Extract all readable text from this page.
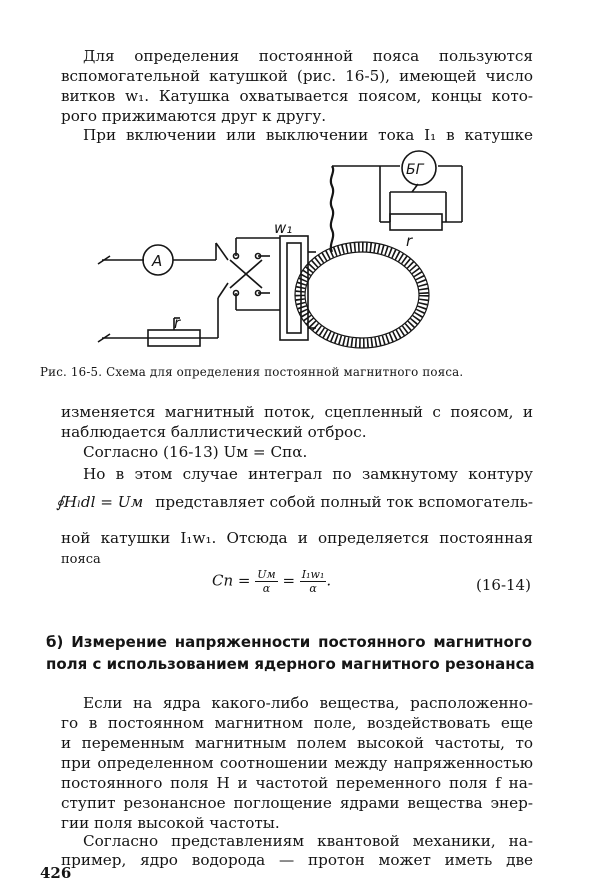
Для определения постоянной пояса пользуются
вспомогательной катушкой (рис. 16-5), имеющей число
витков w₁. Катушка охватывается поясом, концы кото-
рого прижимаются друг к другу.
При включении или выключении тока I₁ в катушке
A
r
w₁
БГ
r
Рис. 16-5. Схема для определения постоянной магнитного пояса.
изменяется магнитный поток, сцепленный с поясом, и
наблюдается баллистический отброс.
Согласно (16-13) Uм = Cпα.
Но в этом случае интеграл по замкнутому контуру
∮Hₗdl = Uм представляет собой полный ток вспомогатель-
ной катушки I₁w₁. Отсюда и определяется постоянная
пояса
Cп = $\frac{Uм}{\alpha} = \frac{\text{I₁w₁}}{\alpha}$ .	(16-14)
б) Измерение напряженности постоянного магнитного
поля с использованием ядерного магнитного резонанса
Если на ядра какого-либо вещества, расположенно-
го в постоянном магнитном поле, воздействовать еще
и переменным магнитным полем высокой частоты, то
при определенном соотношении между напряженностью
постоянного поля H и частотой переменного поля f на-
ступит резонансное поглощение ядрами вещества энер-
гии поля высокой частоты.
Согласно представлениям квантовой механики, на-
пример, ядро водорода — протон может иметь две
426
